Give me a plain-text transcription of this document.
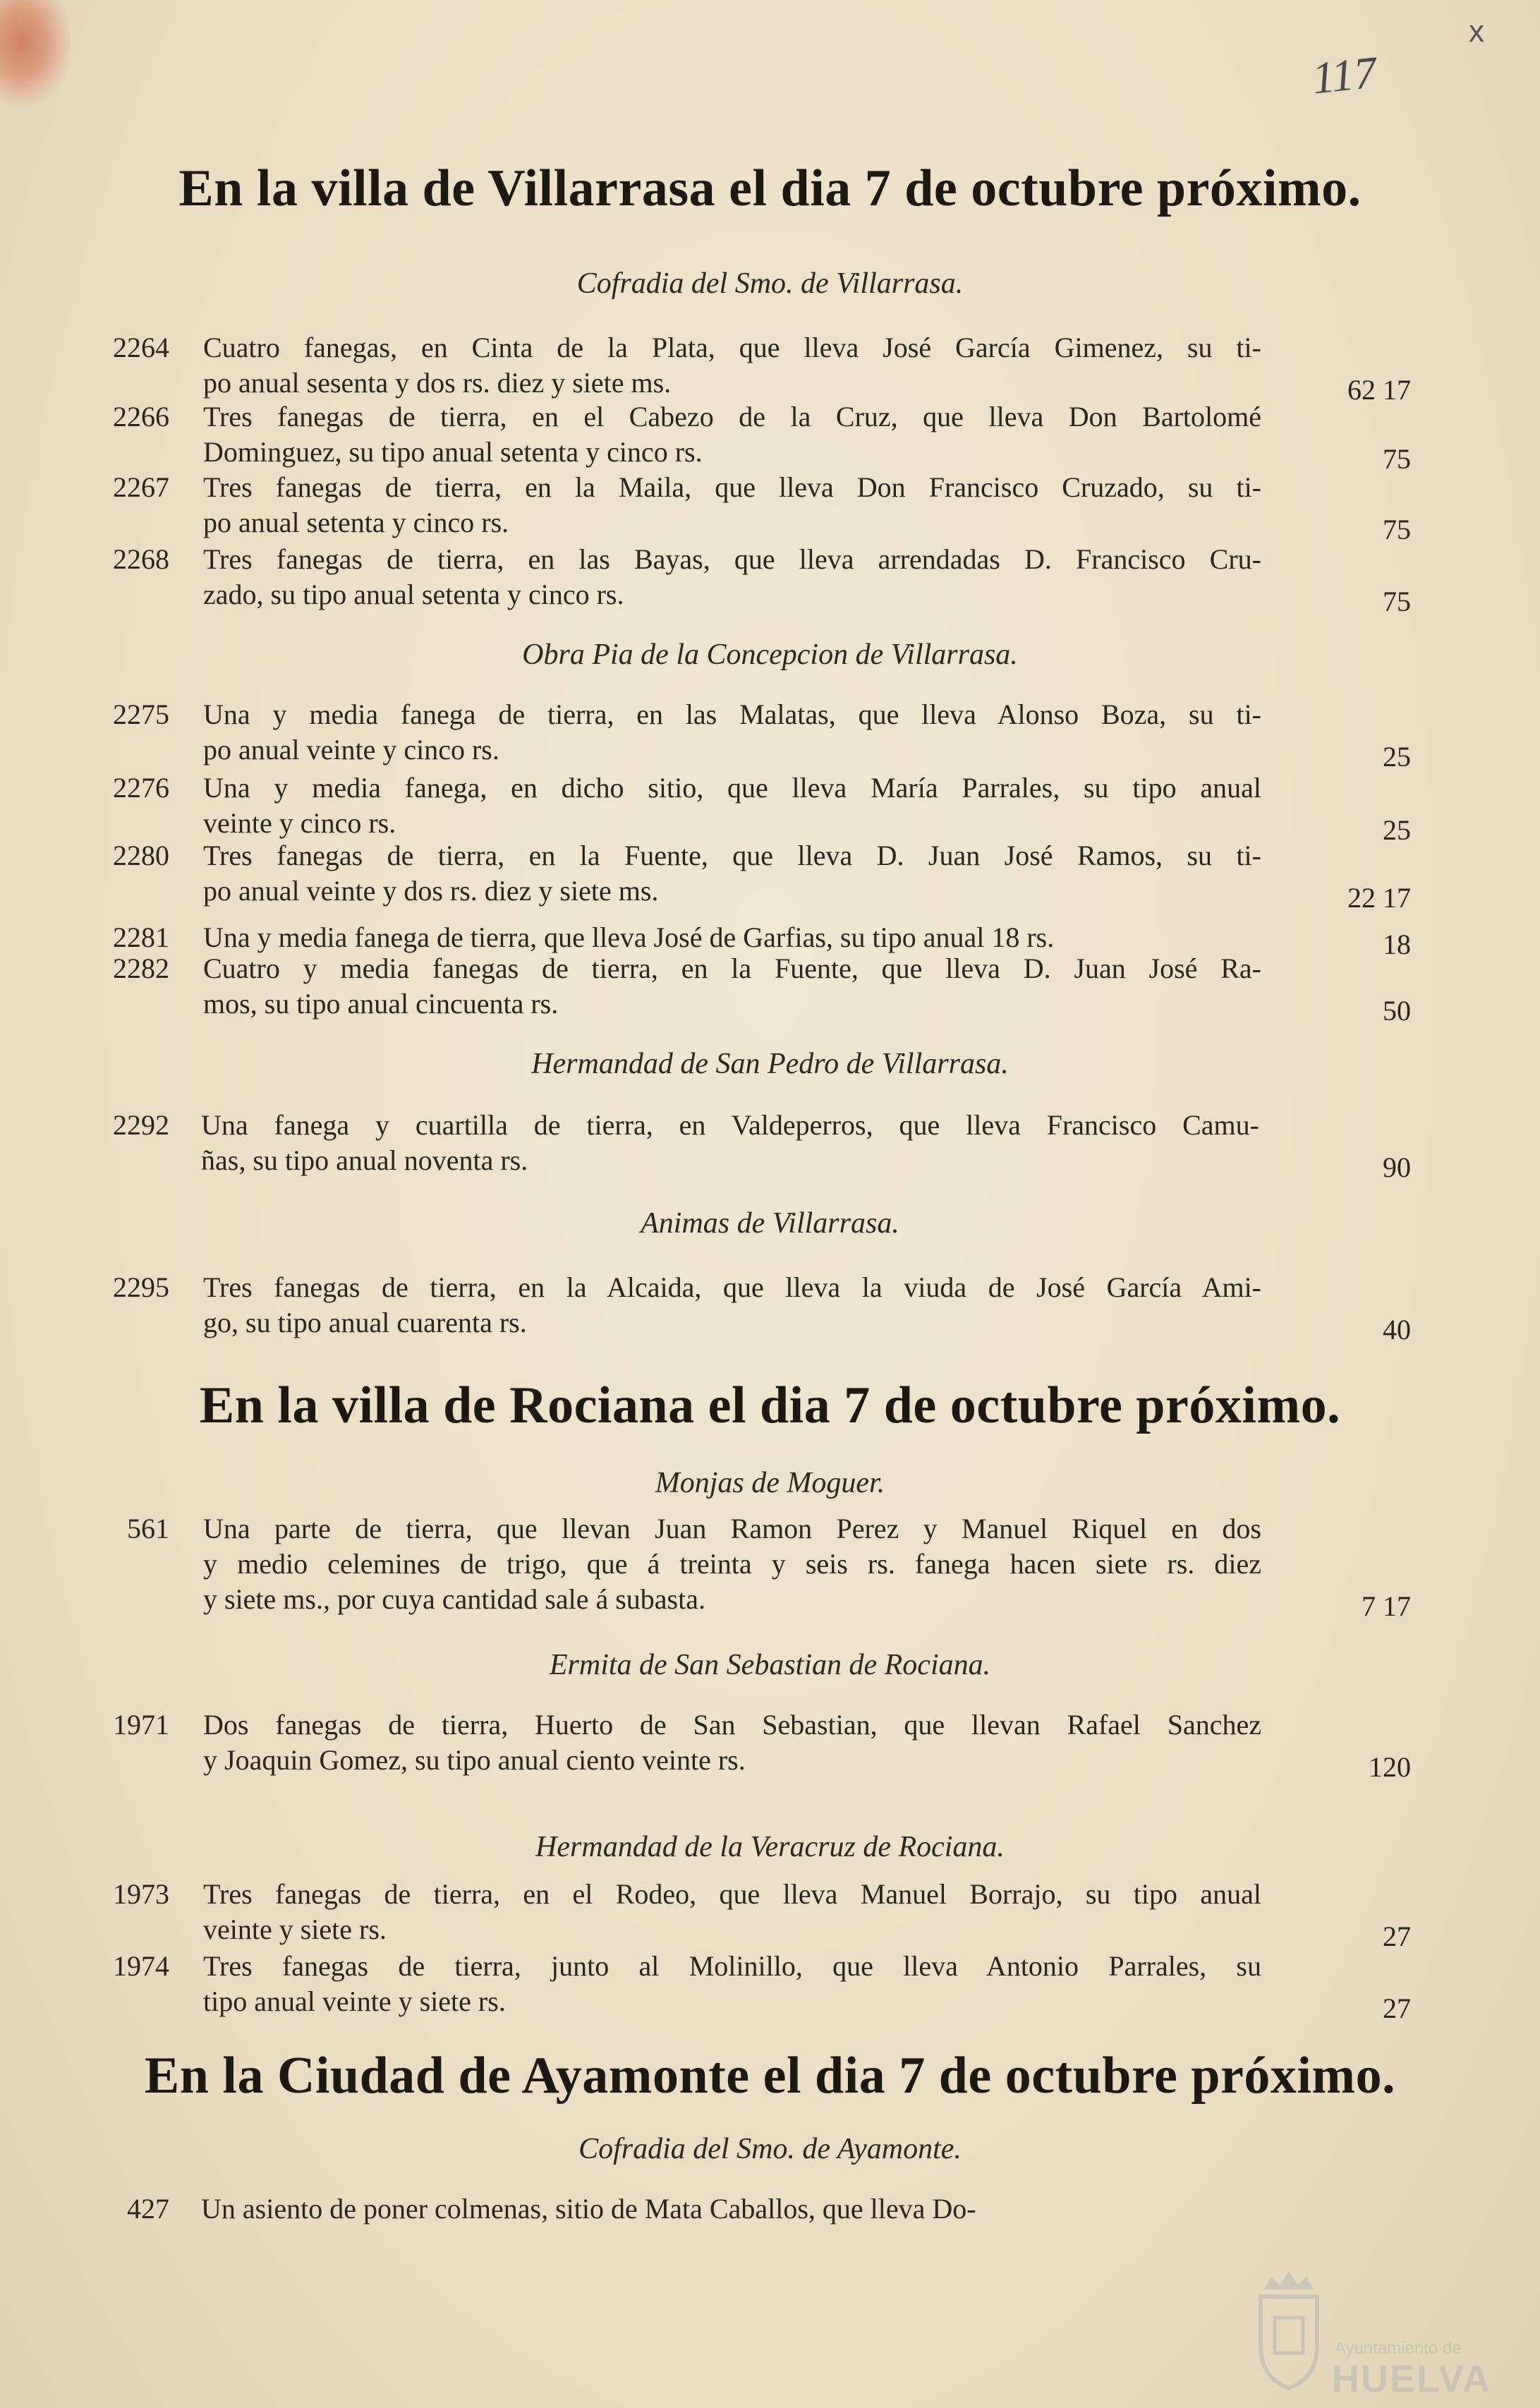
117
x
En la villa de Villarrasa el dia 7 de octubre próximo.
Cofradia del Smo. de Villarrasa.
2264 Cuatro fanegas, en Cinta de la Plata, que lleva José García Gimenez, su ti-
po anual sesenta y dos rs. diez y siete ms.	62 17
2266 Tres fanegas de tierra, en el Cabezo de la Cruz, que lleva Don Bartolomé
Dominguez, su tipo anual setenta y cinco rs.	75
2267 Tres fanegas de tierra, en la Maila, que lleva Don Francisco Cruzado, su ti-
po anual setenta y cinco rs.	75
2268 Tres fanegas de tierra, en las Bayas, que lleva arrendadas D. Francisco Cru-
zado, su tipo anual setenta y cinco rs.	75
Obra Pia de la Concepcion de Villarrasa.
2275 Una y media fanega de tierra, en las Malatas, que lleva Alonso Boza, su ti-
po anual veinte y cinco rs.	25
2276 Una y media fanega, en dicho sitio, que lleva María Parrales, su tipo anual
veinte y cinco rs.	25
2280 Tres fanegas de tierra, en la Fuente, que lleva D. Juan José Ramos, su ti-
po anual veinte y dos rs. diez y siete ms.	22 17
2281 Una y media fanega de tierra, que lleva José de Garfias, su tipo anual 18 rs.	18
2282 Cuatro y media fanegas de tierra, en la Fuente, que lleva D. Juan José Ra-
mos, su tipo anual cincuenta rs.	50
Hermandad de San Pedro de Villarrasa.
2292 Una fanega y cuartilla de tierra, en Valdeperros, que lleva Francisco Camu-
ñas, su tipo anual noventa rs.	90
Animas de Villarrasa.
2295 Tres fanegas de tierra, en la Alcaida, que lleva la viuda de José García Ami-
go, su tipo anual cuarenta rs.	40
En la villa de Rociana el dia 7 de octubre próximo.
Monjas de Moguer.
561 Una parte de tierra, que llevan Juan Ramon Perez y Manuel Riquel en dos
y medio celemines de trigo, que á treinta y seis rs. fanega hacen siete rs. diez
y siete ms., por cuya cantidad sale á subasta.	7 17
Ermita de San Sebastian de Rociana.
1971 Dos fanegas de tierra, Huerto de San Sebastian, que llevan Rafael Sanchez
y Joaquin Gomez, su tipo anual ciento veinte rs.	120
Hermandad de la Veracruz de Rociana.
1973 Tres fanegas de tierra, en el Rodeo, que lleva Manuel Borrajo, su tipo anual
veinte y siete rs.	27
1974 Tres fanegas de tierra, junto al Molinillo, que lleva Antonio Parrales, su
tipo anual veinte y siete rs.	27
En la Ciudad de Ayamonte el dia 7 de octubre próximo.
Cofradia del Smo. de Ayamonte.
427 Un asiento de poner colmenas, sitio de Mata Caballos, que lleva Do-
Ayuntamiento de
HUELVA
